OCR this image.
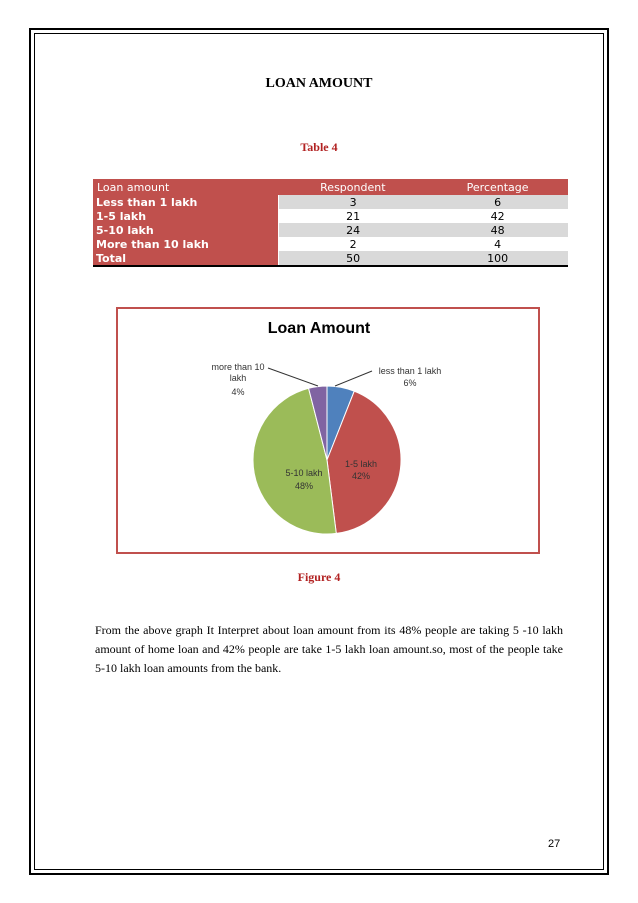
LOAN AMOUNT
Table 4
Loan amount	Respondent	Percentage
Less than 1 lakh	3	6
1-5 lakh	21	42
5-10 lakh	24	48
More than 10 lakh	2	4
Total	50	100
Loan Amount
less than 1 lakh
6%
1-5 lakh
42%
5-10 lakh
48%
more than 10
lakh
4%
Figure 4
From the above graph It Interpret about loan amount from its 48% people are taking 5 -10 lakh amount of home loan and 42% people are take 1-5 lakh loan amount.so, most of the people take 5-10 lakh loan amounts from the bank.
27
